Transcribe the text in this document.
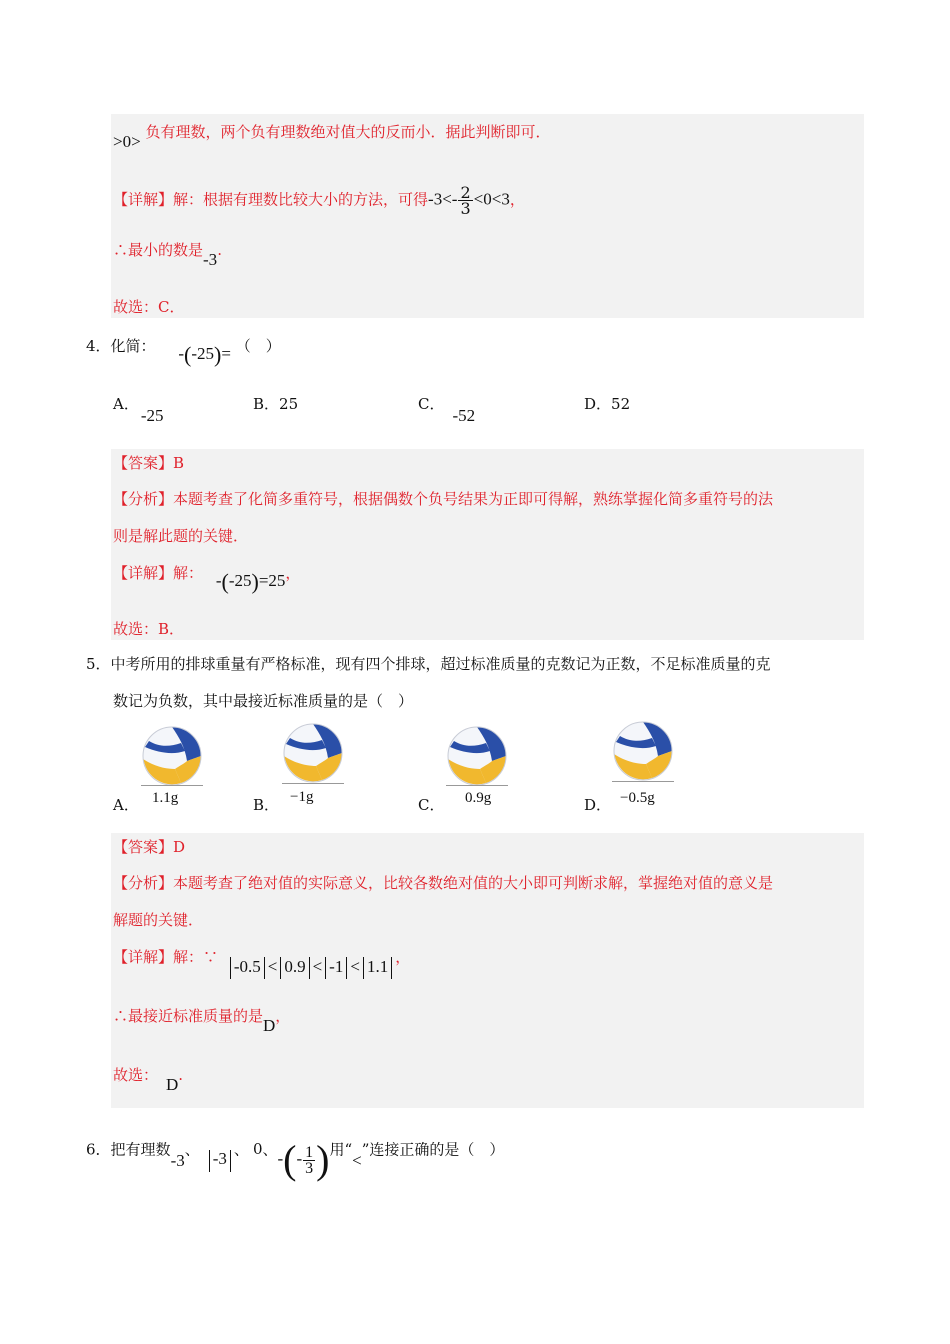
>0> 负有理数，两个负有理数绝对值大的反而小．据此判断即可．
【详解】解：根据有理数比较大小的方法，可得$-3<- \frac{2}{3} <0<3$，
∴最小的数是-3.
故选：C．
4．化简： -(-25)= （　）
A．-25
B．25	C．-52
D．52
【答案】B
【分析】本题考查了化简多重符号，根据偶数个负号结果为正即可得解，熟练掌握化简多重符号的法
则是解此题的关键．
【详解】解： -(-25)=25，
故选：B．
5．中考所用的排球重量有严格标准，现有四个排球，超过标准质量的克数记为正数，不足标准质量的克
数记为负数，其中最接近标准质量的是（　）
A． 1.1g	B． −1g	C． 0.9g	D． −0.5g
【答案】D
【分析】本题考查了绝对值的实际意义，比较各数绝对值的大小即可判断求解，掌握绝对值的意义是
解题的关键．
【详解】解：∵ -0.5 < 0.9 < -1 < 1.1 ，
∴最接近标准质量的是D，
故选： D.
6．把有理数-3、 -3 、 0、-(- $\frac{1}{3}$ )用“<”连接正确的是（　）
